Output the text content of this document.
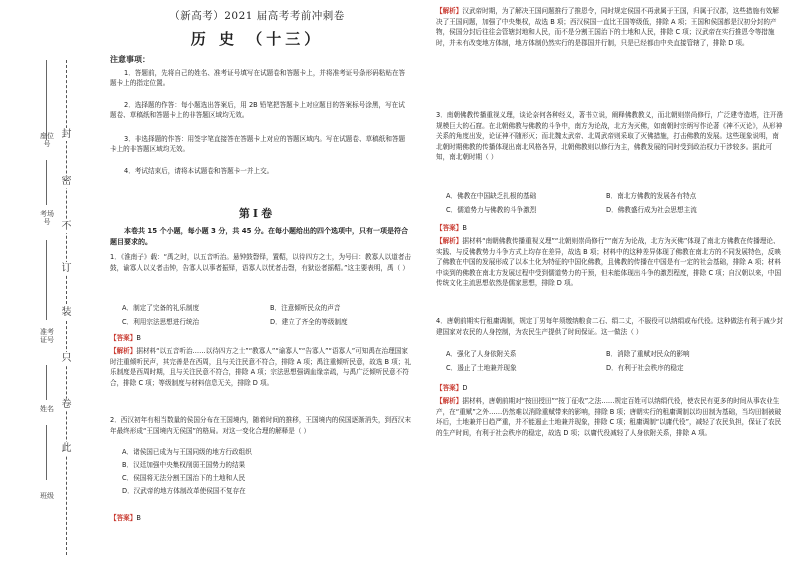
封
密
不
订
装
只
卷
此
座位号
考场号
准考证号
姓名
班级
（新高考）2021 届高考考前冲刺卷
历 史 （十三）
注意事项：
1．答题前，先将自己的姓名、准考证号填写在试题卷和答题卡上，并将准考证号条形码粘贴在答题卡上的指定位置。
2．选择题的作答：每小题选出答案后，用 2B 铅笔把答题卡上对应题目的答案标号涂黑，写在试题卷、草稿纸和答题卡上的非答题区域均无效。
3．非选择题的作答：用签字笔直接答在答题卡上对应的答题区域内。写在试题卷、草稿纸和答题卡上的非答题区域均无效。
4．考试结束后，请将本试题卷和答题卡一并上交。
第Ⅰ卷
本卷共 15 个小题，每小题 3 分，共 45 分。在每小题给出的四个选项中，只有一项是符合题目要求的。
1．《淮南子》载：“禹之时，以五音听治。悬钟鼓磬铎，置鞀，以待四方之士，为号曰：教寡人以道者击鼓，谕寡人以义者击钟，告寡人以事者振铎，语寡人以忧者击磬，有狱讼者摇鞀。”这主要表明，禹（ ）
A．制定了完备的礼乐制度	B．注意倾听民众的声音
C．利用宗法思想进行统治	D．建立了齐全的等级制度
【答案】B
【解析】据材料“以五音听治……以待四方之士”“教寡人”“谕寡人”“告寡人”“语寡人”可知禹在治理国家时注重倾听民声，其完善是在西周，且与关注民意不符合，排除 A 项；禹注重倾听民意，故选 B 项；礼乐制度是西周时期，且与关注民意不符合，排除 A 项；宗法思想强调血缘亲疏，与禹广泛倾听民意不符合，排除 C 项；等级制度与材料信息无关，排除 D 项。
2．西汉初年有相当数量的侯国分布在王国境内，随着时间的推移，王国境内的侯国逐渐消失，到西汉末年最终形成“王国境内无侯国”的格局。对这一变化合理的解释是（ ）
A．诸侯国已成为与王国同级的地方行政组织
B．汉廷加强中央集权削弱王国势力的结果
C．侯国将无法分割王国治下的土地和人民
D．汉武帝的地方体制改革使侯国不复存在
【答案】B
【解析】汉武帝时期，为了解决王国问题推行了推恩令，同时规定侯国不再隶属于王国，归属于汉郡，这些措施有效解决了王国问题，加强了中央集权，故选 B 项；西汉侯国一直比王国等级低，排除 A 项；王国和侯国都是汉初分封的产物，侯国分封后往往会管辖封地和人民，而不是分割王国治下的土地和人民，排除 C 项；汉武帝在实行推恩令等措施时，并未有改变地方体制，地方体制仍然实行的是郡国并行制，只是已经都由中央直接管辖了，排除 D 项。
3．南朝佛教传播重视义理，谈论奈何各种经义，著书立说，阐释佛教教义，而北朝则崇尚修行，广泛建寺造塔，注开凿规模巨大的石窟。在北朝佛教与佛教的斗争中，南方为论战，北方为灭佛，如南朝时宗炳写作论著《神不灭论》，从形神关系的角度出发，论证神不随形灭；而北魏太武帝、北周武帝则采取了灭佛措施，打击佛教的发展。这些现象说明，南北朝时期佛教的传播体现出南北风格各异，北朝佛教则以修行为主，佛教发展的同时受到政治权力干涉较多。据此可知，南北朝时期（ ）
A．佛教在中国缺乏扎根的基础	B．南北方佛教的发展各有特点
C．儒道势力与佛教的斗争激烈	D．佛教盛行成为社会思想主流
【答案】B
【解析】据材料“南朝佛教传播重视义理”“北朝则崇尚修行”“南方为论战，北方为灭佛”体现了南北方佛教在传播理论、实践、与反佛教势力斗争方式上均存在差异，故选 B 项；材料中的这种差异体现了佛教在南北方的不同发展特色，反映了佛教在中国的发展形成了以本土化为特征的中国化佛教，且佛教的传播在中国是有一定的社会基础，排除 A 项；材料中谈到的佛教在南北方发展过程中受到儒道势力的干预，但未能体现出斗争的激烈程度，排除 C 项；自汉朝以来，中国传统文化主流思想依然是儒家思想，排除 D 项。
4．唐朝前期实行租庸调制，规定丁男每年须缴纳粮食二石、绢二丈，不服役可以纳绢或布代役。这种做法有利于减少封建国家对农民的人身控制，为农民生产提供了时间保证。这一做法（ ）
A．强化了人身依附关系	B．消除了重赋对民众的影响
C．遏止了土地兼并现象	D．有利于社会秩序的稳定
【答案】D
【解析】据材料，唐朝前期对“按田授田”“按丁征收”之法……规定百姓可以纳绢代役，使农民有更多的时间从事农业生产，在“重赋”之外……仍然难以消除重赋带来的影响，排除 B 项；唐朝实行的租庸调制以均田制为基础，当均田制被破坏后，土地兼并日趋严重，并不能遏止土地兼并现象，排除 C 项；租庸调制“以庸代役”，减轻了农民负担，保证了农民的生产时间，有利于社会秩序的稳定，故选 D 项；以庸代役减轻了人身依附关系，排除 A 项。
